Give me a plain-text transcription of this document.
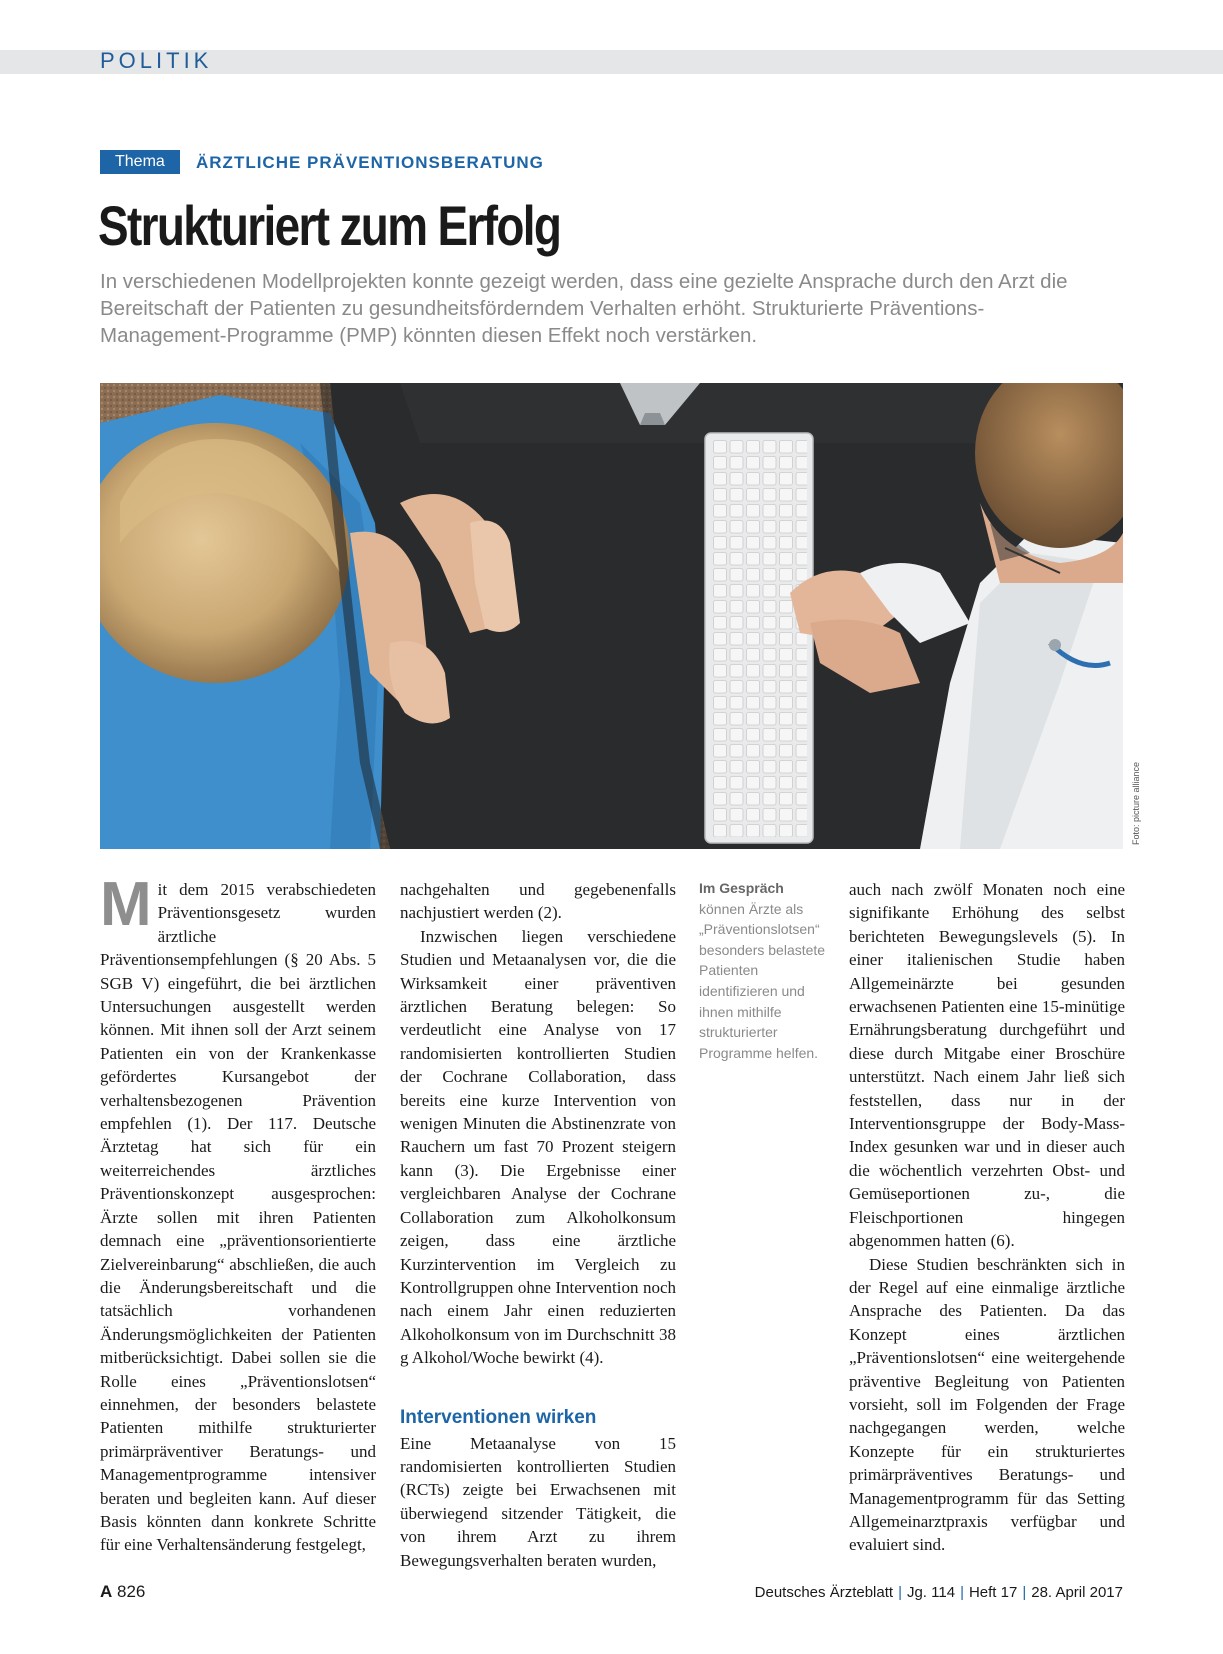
POLITIK
Thema	ÄRZTLICHE PRÄVENTIONSBERATUNG
Strukturiert zum Erfolg

In verschiedenen Modellprojekten konnte gezeigt werden, dass eine gezielte Ansprache durch den Arzt die Bereitschaft der Patienten zu gesundheitsförderndem Verhalten erhöht. Strukturierte Präventions-Management-Programme (PMP) könnten diesen Effekt noch verstärken.

Foto: picture alliance
M it dem 2015 verabschiedeten Präventionsgesetz wurden ärztliche Präventionsempfehlungen (§ 20 Abs. 5 SGB V) eingeführt, die bei ärztlichen Untersuchungen ausgestellt werden können. Mit ihnen soll der Arzt seinem Patienten ein von der Krankenkasse gefördertes Kursangebot der verhaltensbezogenen Prävention empfehlen (1). Der 117. Deutsche Ärztetag hat sich für ein weiterreichendes ärztliches Präventionskonzept ausgesprochen: Ärzte sollen mit ihren Patienten demnach eine „präventionsorientierte Zielvereinbarung“ abschließen, die auch die Änderungsbereitschaft und die tatsächlich vorhandenen Änderungsmöglichkeiten der Patienten mitberücksichtigt. Dabei sollen sie die Rolle eines „Präventionslotsen“ einnehmen, der besonders belastete Patienten mithilfe strukturierter primärpräventiver Beratungs- und Managementprogramme intensiver beraten und begleiten kann. Auf dieser Basis könnten dann konkrete Schritte für eine Verhaltensänderung festgelegt,

nachgehalten und gegebenenfalls nachjustiert werden (2).

Inzwischen liegen verschiedene Studien und Metaanalysen vor, die die Wirksamkeit einer präventiven ärztlichen Beratung belegen: So verdeutlicht eine Analyse von 17 randomisierten kontrollierten Studien der Cochrane Collaboration, dass bereits eine kurze Intervention von wenigen Minuten die Abstinenzrate von Rauchern um fast 70 Prozent steigern kann (3). Die Ergebnisse einer vergleichbaren Analyse der Cochrane Collaboration zum Alkoholkonsum zeigen, dass eine ärztliche Kurzintervention im Vergleich zu Kontrollgruppen ohne Intervention noch nach einem Jahr einen reduzierten Alkoholkonsum von im Durchschnitt 38 g Alkohol/Woche bewirkt (4).

Interventionen wirken

Eine Metaanalyse von 15 randomisierten kontrollierten Studien (RCTs) zeigte bei Erwachsenen mit überwiegend sitzender Tätigkeit, die von ihrem Arzt zu ihrem Bewegungsverhalten beraten wurden,

Im Gespräch
können Ärzte als „Präventionslotsen“ besonders belastete Patienten identifizieren und ihnen mithilfe strukturierter Programme helfen.

auch nach zwölf Monaten noch eine signifikante Erhöhung des selbst berichteten Bewegungslevels (5). In einer italienischen Studie haben Allgemeinärzte bei gesunden erwachsenen Patienten eine 15-minütige Ernährungsberatung durchgeführt und diese durch Mitgabe einer Broschüre unterstützt. Nach einem Jahr ließ sich feststellen, dass nur in der Interventionsgruppe der Body-Mass-Index gesunken war und in dieser auch die wöchentlich verzehrten Obst- und Gemüseportionen zu-, die Fleischportionen hingegen abgenommen hatten (6).

Diese Studien beschränkten sich in der Regel auf eine einmalige ärztliche Ansprache des Patienten. Da das Konzept eines ärztlichen „Präventionslotsen“ eine weitergehende präventive Begleitung von Patienten vorsieht, soll im Folgenden der Frage nachgegangen werden, welche Konzepte für ein strukturiertes primärpräventives Beratungs- und Managementprogramm für das Setting Allgemeinarztpraxis verfügbar und evaluiert sind.

A 826	Deutsches Ärzteblatt | Jg. 114 | Heft 17 | 28. April 2017
